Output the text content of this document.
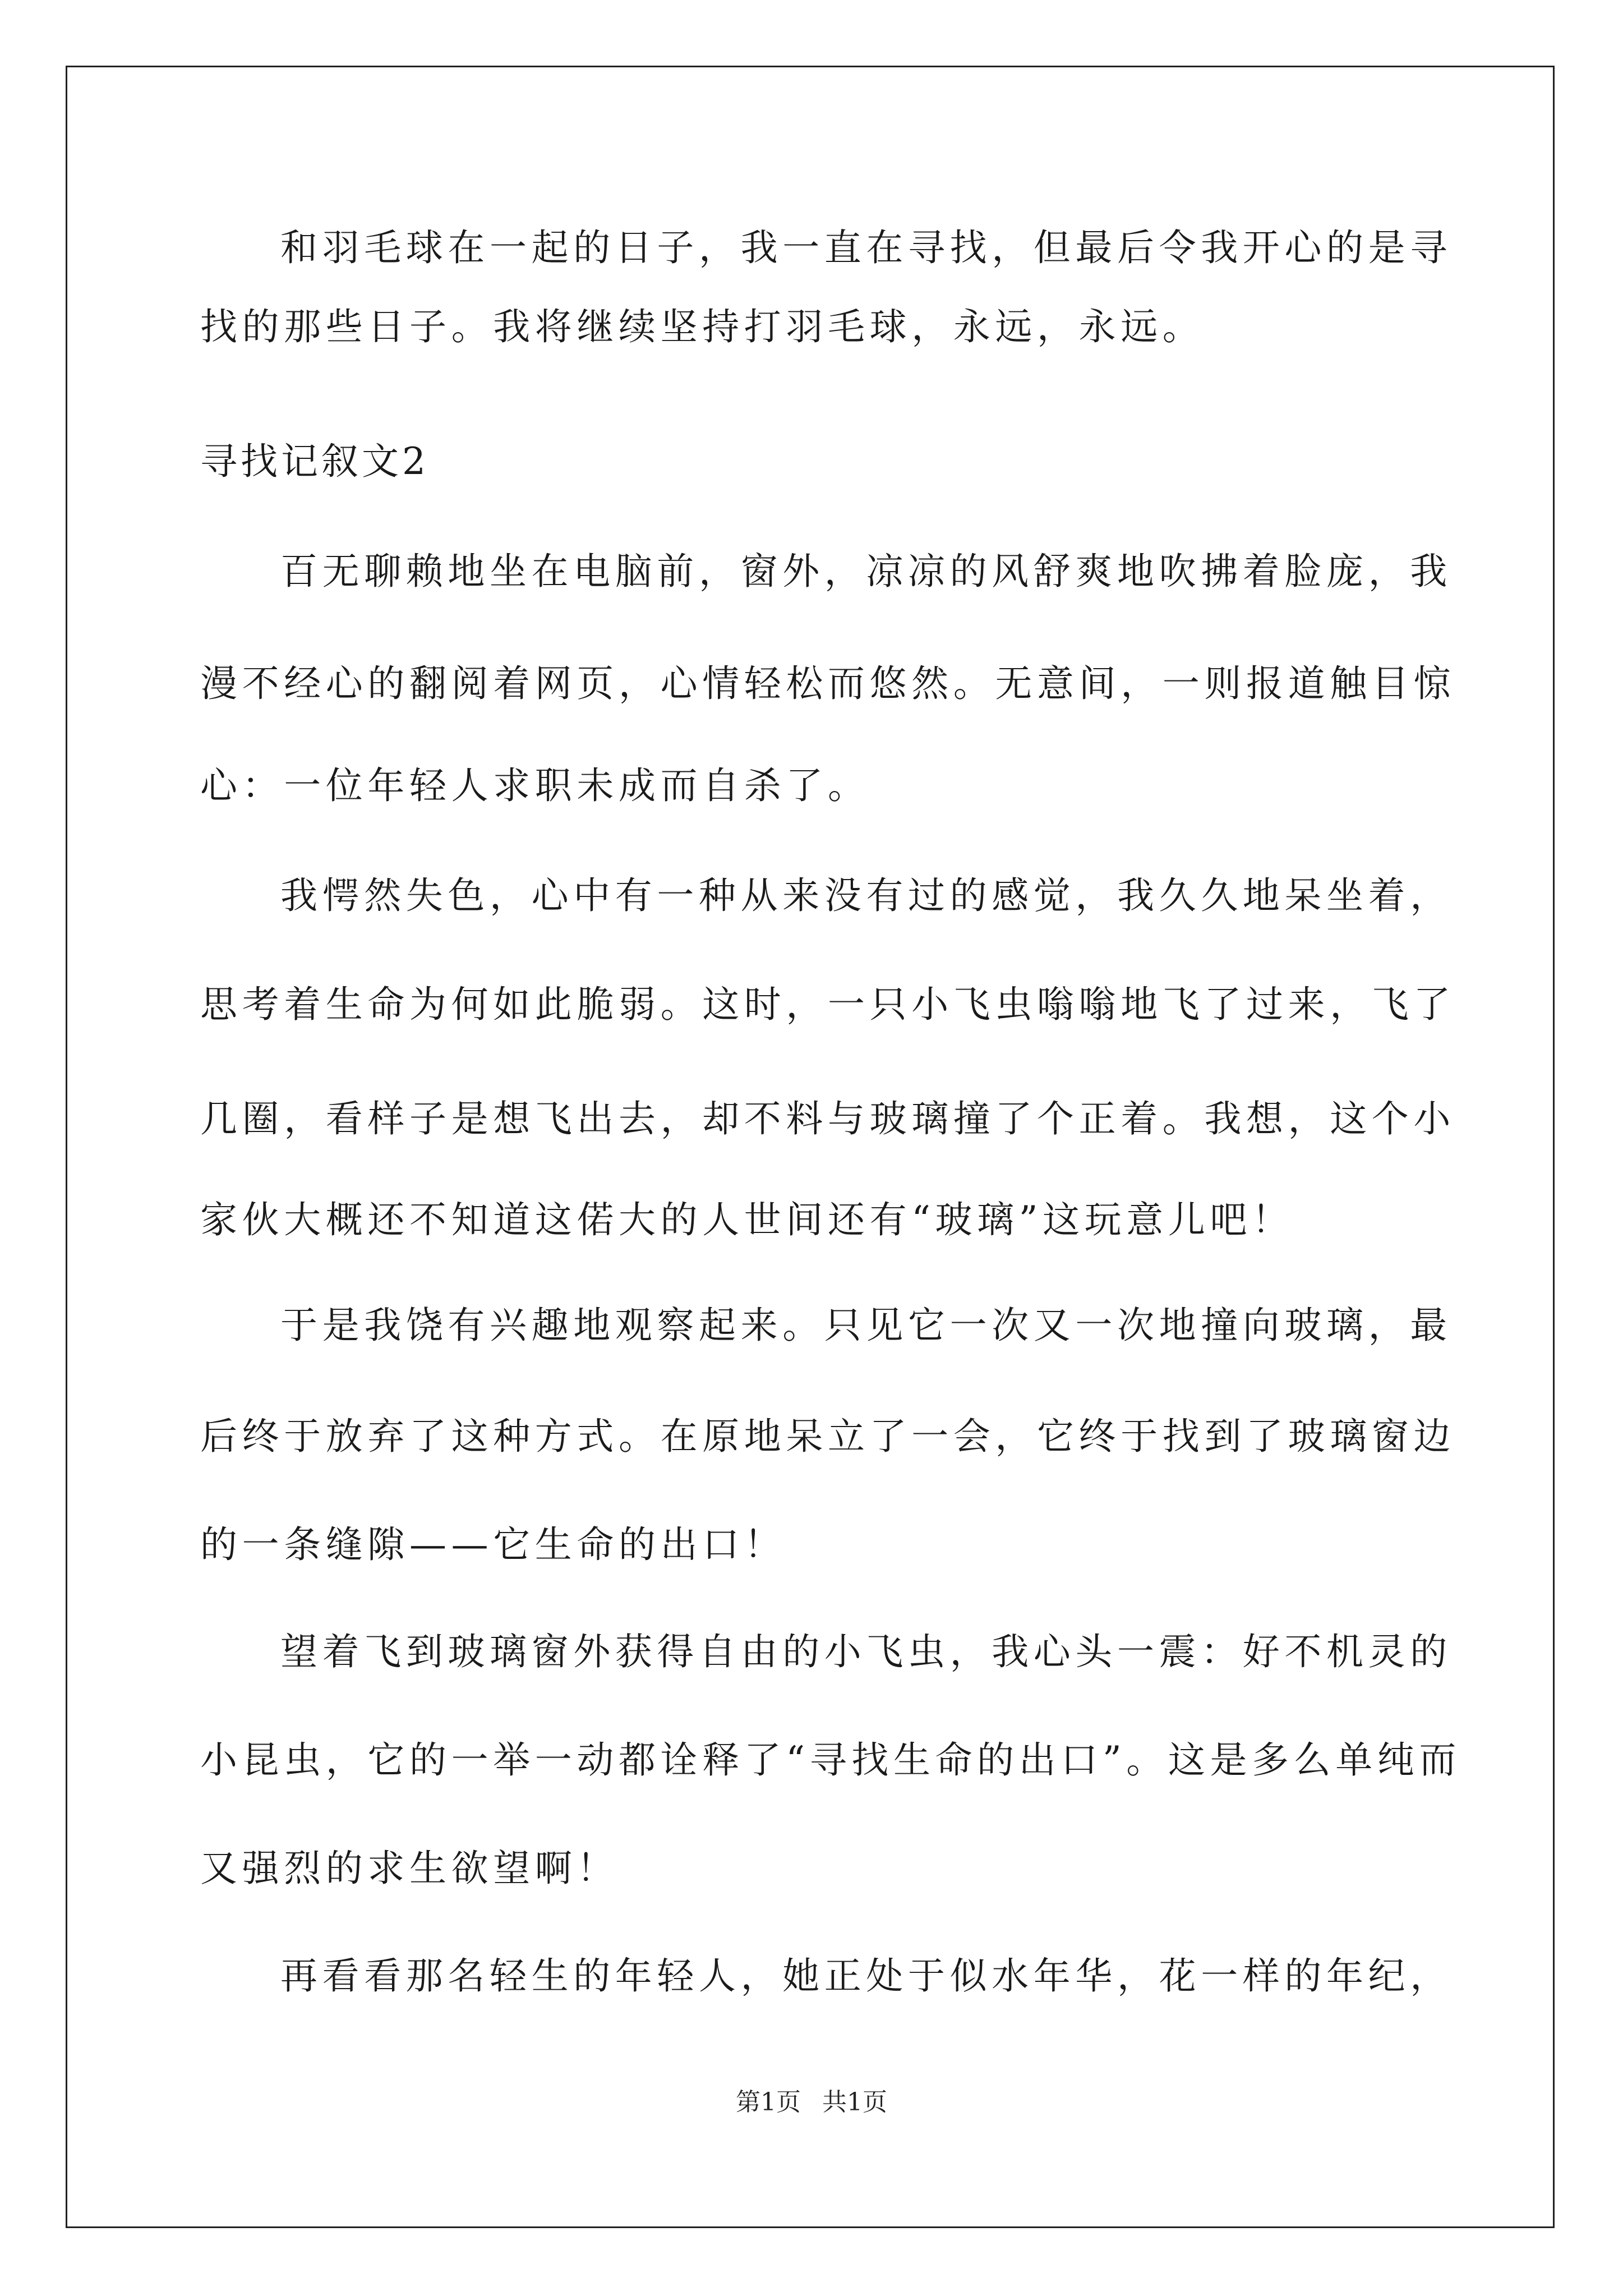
和羽毛球在一起的日子，我一直在寻找，但最后令我开心的是寻
找的那些日子。我将继续坚持打羽毛球，永远，永远。
寻找记叙文2
百无聊赖地坐在电脑前，窗外，凉凉的风舒爽地吹拂着脸庞，我
漫不经心的翻阅着网页，心情轻松而悠然。无意间，一则报道触目惊
心：一位年轻人求职未成而自杀了。
我愕然失色，心中有一种从来没有过的感觉，我久久地呆坐着，
思考着生命为何如此脆弱。这时，一只小飞虫嗡嗡地飞了过来，飞了
几圈，看样子是想飞出去，却不料与玻璃撞了个正着。我想，这个小
家伙大概还不知道这偌大的人世间还有“玻璃”这玩意儿吧！
于是我饶有兴趣地观察起来。只见它一次又一次地撞向玻璃，最
后终于放弃了这种方式。在原地呆立了一会，它终于找到了玻璃窗边
的一条缝隙——它生命的出口！
望着飞到玻璃窗外获得自由的小飞虫，我心头一震：好不机灵的
小昆虫，它的一举一动都诠释了“寻找生命的出口”。这是多么单纯而
又强烈的求生欲望啊！
再看看那名轻生的年轻人，她正处于似水年华，花一样的年纪，
第1页 共1页
